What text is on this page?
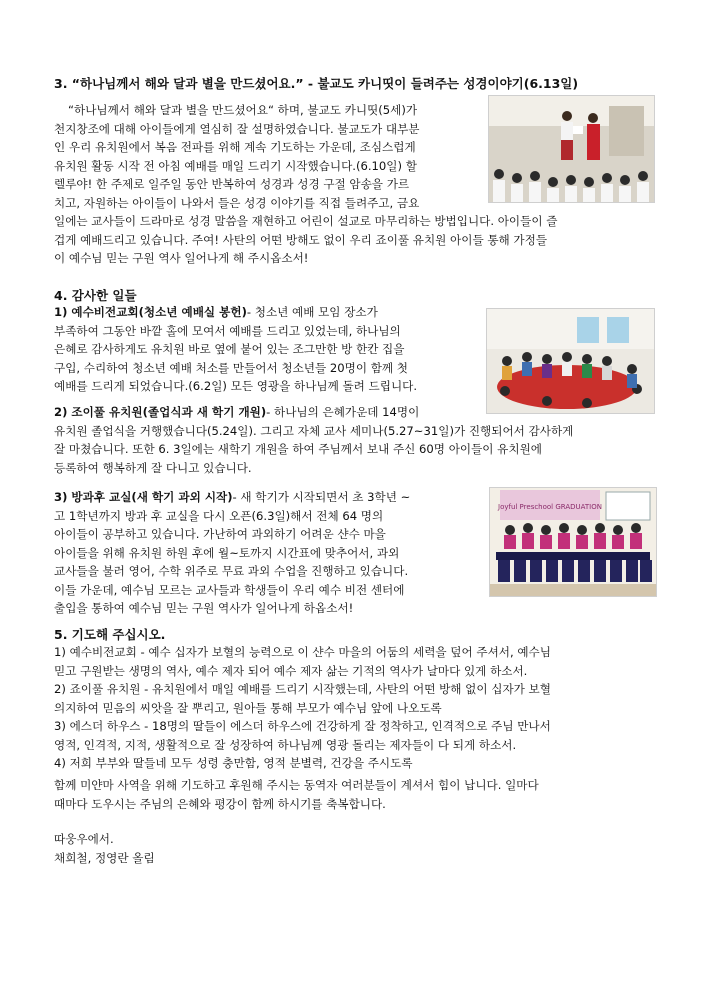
3. “하나님께서 해와 달과 별을 만드셨어요.” - 불교도 카니띳이 들려주는 성경이야기(6.13일)
“하나님께서 해와 달과 별을 만드셨어요“ 하며, 불교도 카니띳(5세)가
천지창조에 대해 아이들에게 열심히 잘 설명하였습니다. 불교도가 대부분
인 우리 유치원에서 복음 전파를 위해 계속 기도하는 가운데, 조심스럽게
유치원 활동 시작 전 아침 예배를 매일 드리기 시작했습니다.(6.10일) 할
렐루야! 한 주제로 일주일 동안 반복하여 성경과 성경 구절 암송을 가르
치고, 자원하는 아이들이 나와서 들은 성경 이야기를 직접 들려주고, 금요
일에는 교사들이 드라마로 성경 말씀을 재현하고 어린이 설교로 마무리하는 방법입니다. 아이들이 즐
겁게 예배드리고 있습니다. 주여! 사탄의 어떤 방해도 없이 우리 죠이풀 유치원 아이들 통해 가정들
이 예수님 믿는 구원 역사 일어나게 해 주시옵소서!
4. 감사한 일들
1) 예수비전교회(청소년 예배실 봉헌)- 청소년 예배 모임 장소가
부족하여 그동안 바깥 홀에 모여서 예배를 드리고 있었는데, 하나님의
은혜로 감사하게도 유치원 바로 옆에 붙어 있는 조그만한 방 한칸 집을
구입, 수리하여 청소년 예배 처소를 만들어서 청소년들 20명이 함께 첫
예배를 드리게 되었습니다.(6.2일) 모든 영광을 하나님께 돌려 드립니다.
2) 조이풀 유치원(졸업식과 새 학기 개원)- 하나님의 은혜가운데 14명이
유치원 졸업식을 거행했습니다(5.24일). 그리고 자체 교사 세미나(5.27~31일)가 진행되어서 감사하게
잘 마쳤습니다. 또한 6. 3일에는 새학기 개원을 하여 주님께서 보내 주신 60명 아이들이 유치원에
등록하여 행복하게 잘 다니고 있습니다.
Joyful Preschool GRADUATION
3) 방과후 교실(새 학기 과외 시작)- 새 학기가 시작되면서 초 3학년 ~
고 1학년까지 방과 후 교실을 다시 오픈(6.3일)해서 전체 64 명의
아이들이 공부하고 있습니다. 가난하여 과외하기 어려운 샨수 마을
아이들을 위해 유치원 하원 후에 월~토까지 시간표에 맞추어서, 과외
교사들을 불러 영어, 수학 위주로 무료 과외 수업을 진행하고 있습니다.
이들 가운데, 예수님 모르는 교사들과 학생들이 우리 예수 비전 센터에
출입을 통하여 예수님 믿는 구원 역사가 일어나게 하옵소서!
5. 기도해 주십시오.
1) 예수비전교회 - 예수 십자가 보혈의 능력으로 이 샨수 마을의 어둠의 세력을 덮어 주셔서, 예수님
믿고 구원받는 생명의 역사, 예수 제자 되어 예수 제자 삶는 기적의 역사가 날마다 있게 하소서.
2) 죠이풀 유치원 - 유치원에서 매일 예배를 드리기 시작했는데, 사탄의 어떤 방해 없이 십자가 보혈
의지하여 믿음의 씨앗을 잘 뿌리고, 원아들 통해 부모가 예수님 앞에 나오도록
3) 에스더 하우스 - 18명의 딸들이 에스더 하우스에 건강하게 잘 정착하고, 인격적으로 주님 만나서
영적, 인격적, 지적, 생활적으로 잘 성장하여 하나님께 영광 돌리는 제자들이 다 되게 하소서.
4) 저희 부부와 딸들네 모두 성령 충만함, 영적 분별력, 건강을 주시도록
함께 미얀마 사역을 위해 기도하고 후원해 주시는 동역자 여러분들이 계셔서 힘이 납니다. 일마다
때마다 도우시는 주님의 은혜와 평강이 함께 하시기를 축복합니다.
따웅우에서.
채희철, 정영란 올림
